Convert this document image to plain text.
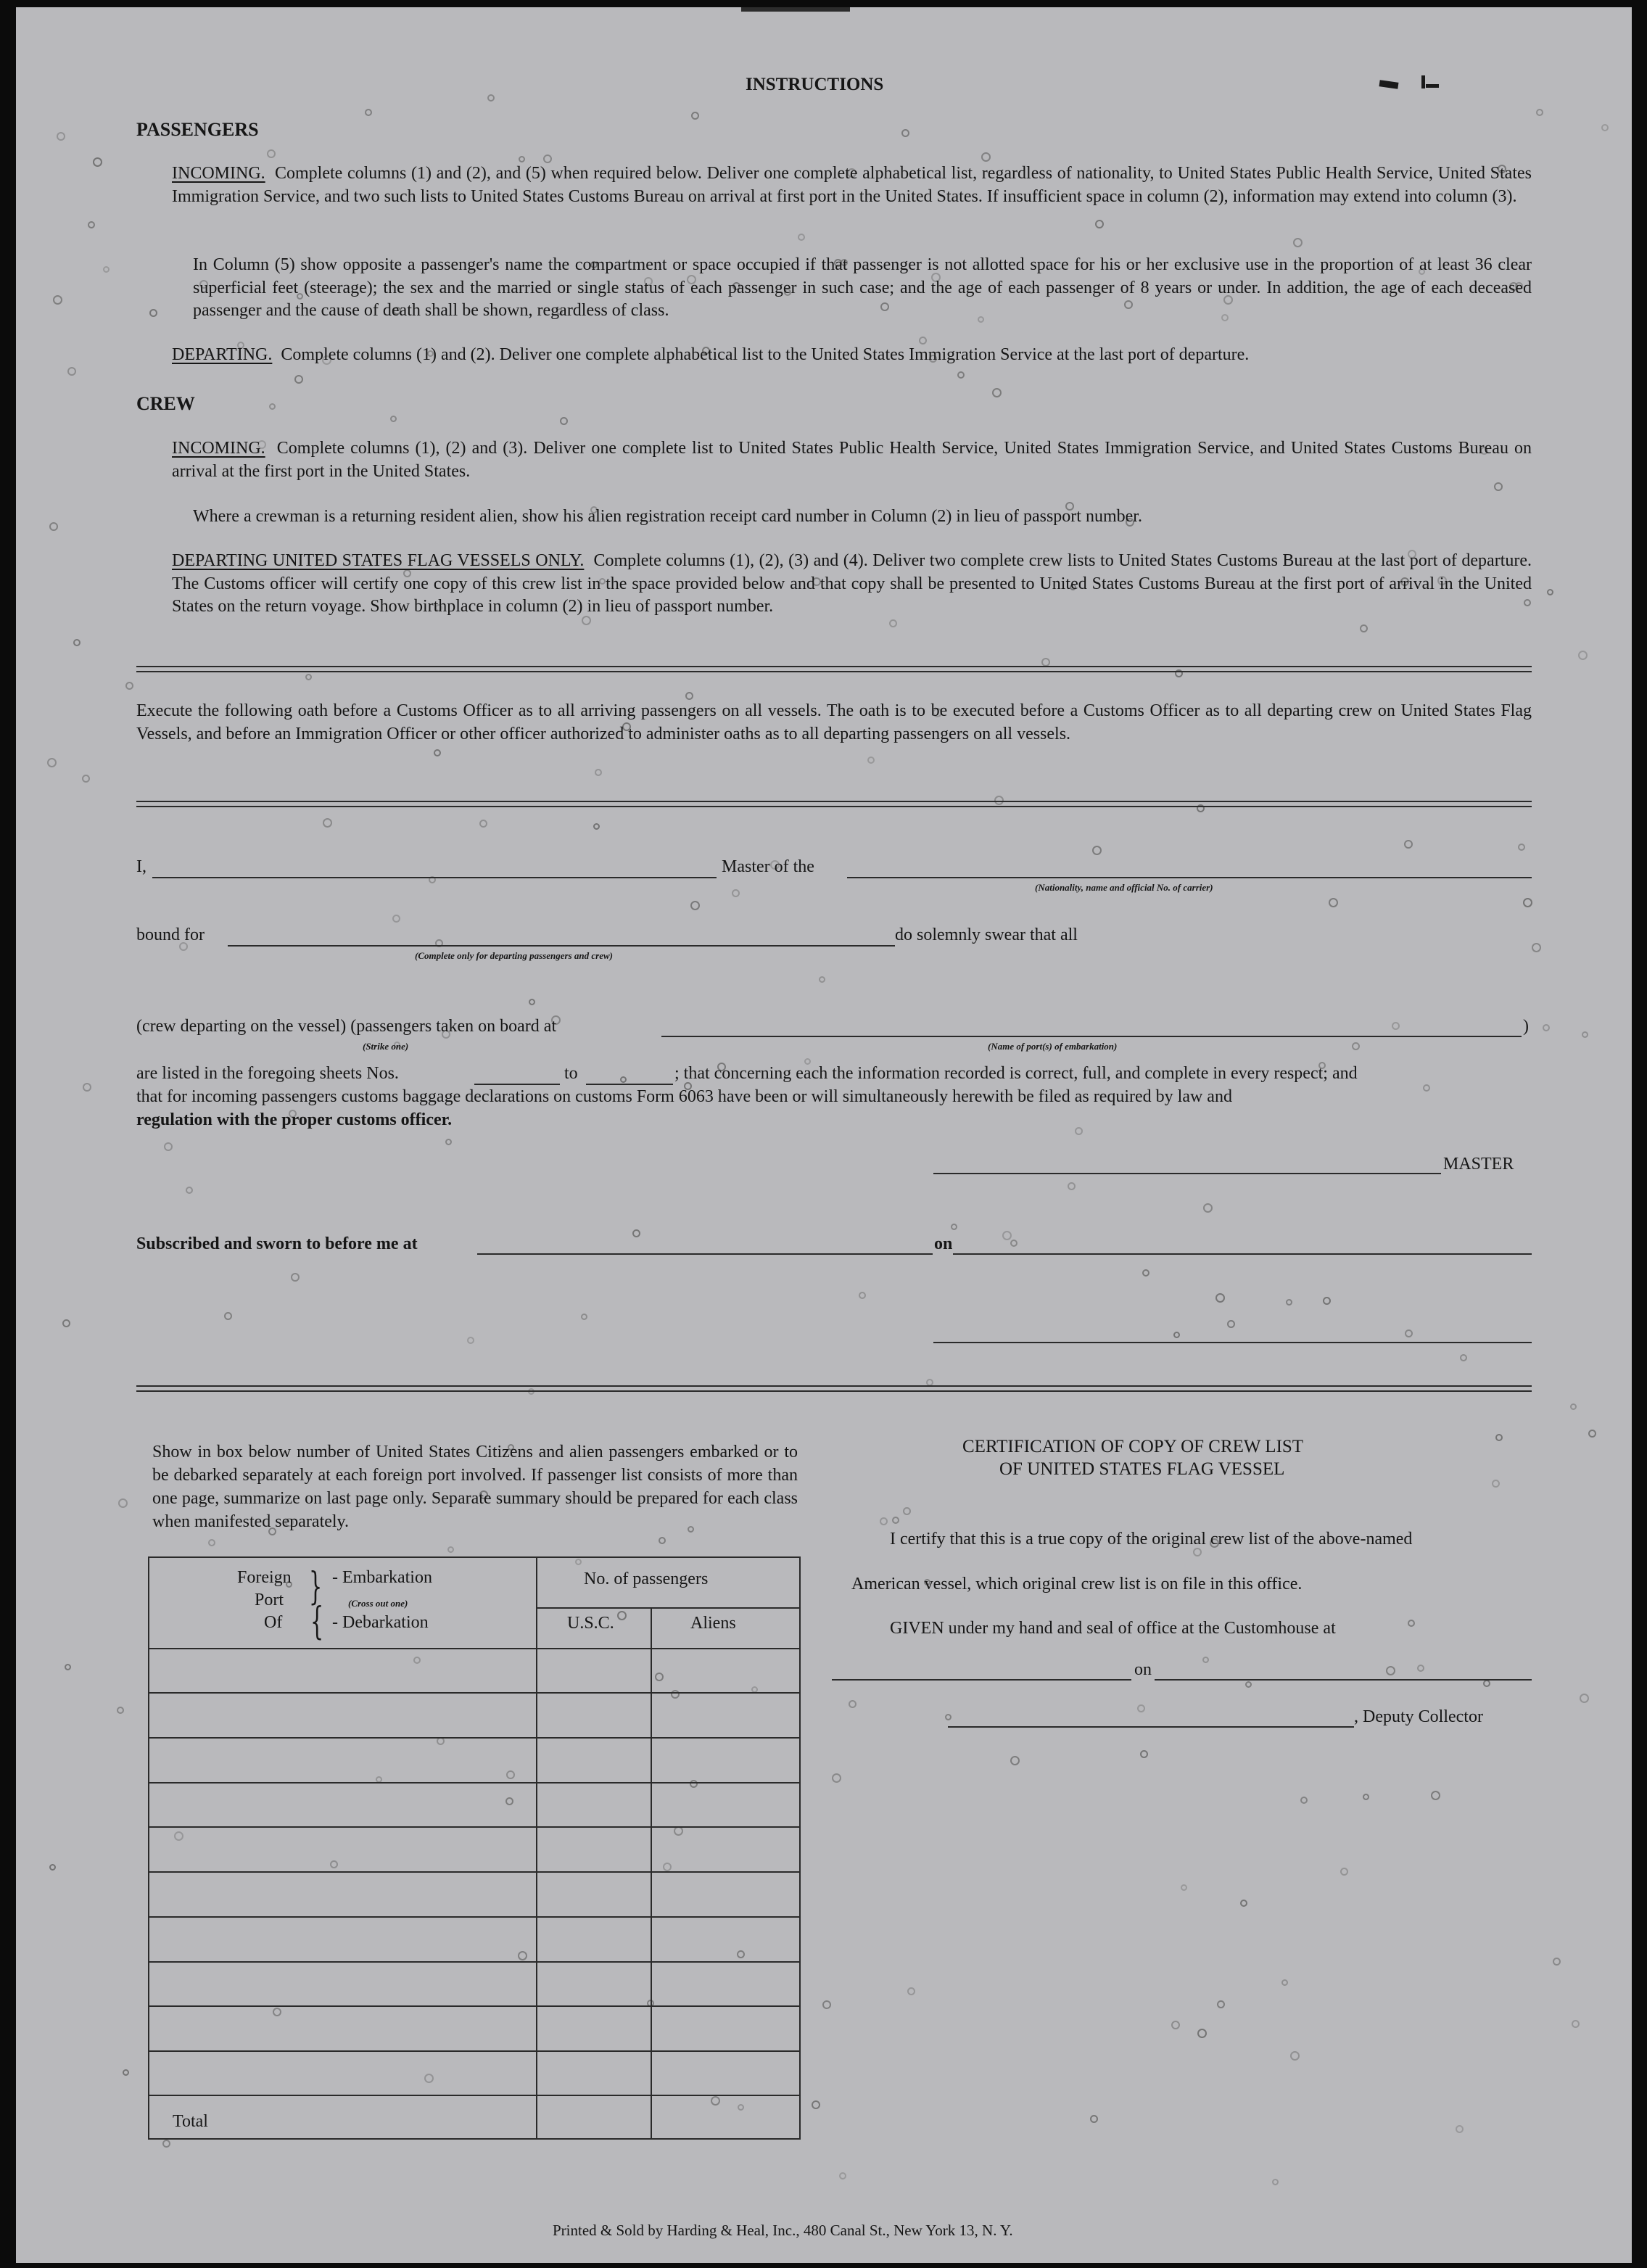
INSTRUCTIONS
PASSENGERS
INCOMING. Complete columns (1) and (2), and (5) when required below. Deliver one complete alphabetical list, regardless of nationality, to United States Public Health Service, United States Immigration Service, and two such lists to United States Customs Bureau on arrival at first port in the United States. If insufficient space in column (2), information may extend into column (3).
In Column (5) show opposite a passenger's name the compartment or space occupied if that passenger is not allotted space for his or her exclusive use in the proportion of at least 36 clear superficial feet (steerage); the sex and the married or single status of each passenger in such case; and the age of each passenger of 8 years or under. In addition, the age of each deceased passenger and the cause of death shall be shown, regardless of class.
DEPARTING. Complete columns (1) and (2). Deliver one complete alphabetical list to the United States Immigration Service at the last port of departure.
CREW
INCOMING. Complete columns (1), (2) and (3). Deliver one complete list to United States Public Health Service, United States Immigration Service, and United States Customs Bureau on arrival at the first port in the United States.
Where a crewman is a returning resident alien, show his alien registration receipt card number in Column (2) in lieu of passport number.
DEPARTING UNITED STATES FLAG VESSELS ONLY. Complete columns (1), (2), (3) and (4). Deliver two complete crew lists to United States Customs Bureau at the last port of departure. The Customs officer will certify one copy of this crew list in the space provided below and that copy shall be presented to United States Customs Bureau at the first port of arrival in the United States on the return voyage. Show birthplace in column (2) in lieu of passport number.
Execute the following oath before a Customs Officer as to all arriving passengers on all vessels. The oath is to be executed before a Customs Officer as to all departing crew on United States Flag Vessels, and before an Immigration Officer or other officer authorized to administer oaths as to all departing passengers on all vessels.
I,	Master of the
(Nationality, name and official No. of carrier)
bound for
(Complete only for departing passengers and crew)
do solemnly swear that all
(crew departing on the vessel) (passengers taken on board at	)
(Strike one)	(Name of port(s) of embarkation)
are listed in the foregoing sheets Nos.	to	; that concerning each the information recorded is correct, full, and complete in every respect; and
that for incoming passengers customs baggage declarations on customs Form 6063 have been or will simultaneously herewith be filed as required by law and
regulation with the proper customs officer.
MASTER
Subscribed and sworn to before me at	on
Show in box below number of United States Citizens and alien passengers embarked or to be debarked separately at each foreign port involved. If passenger list consists of more than one page, summarize on last page only. Separate summary should be prepared for each class when manifested separately.
Foreign
Port
Of
}
{
- Embarkation
(Cross out one)
- Debarkation
No. of passengers
U.S.C.	Aliens
Total
CERTIFICATION OF COPY OF CREW LIST
OF UNITED STATES FLAG VESSEL
I certify that this is a true copy of the original crew list of the above-named
American vessel, which original crew list is on file in this office.
GIVEN under my hand and seal of office at the Customhouse at
on
, Deputy Collector
Printed & Sold by Harding & Heal, Inc., 480 Canal St., New York 13, N. Y.
